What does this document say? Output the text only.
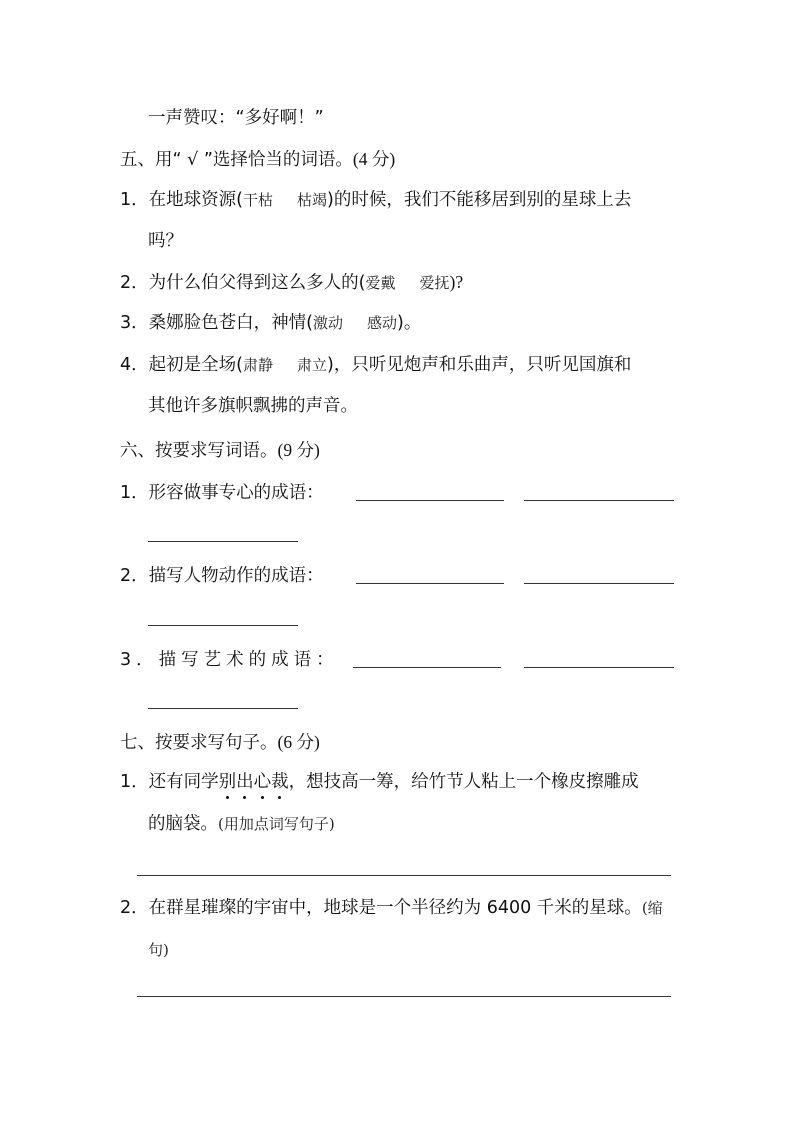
一声赞叹：“多好啊！”
五、用“ √ ”选择恰当的词语。(4 分)
1．在地球资源(干枯 枯竭)的时候，我们不能移居到别的星球上去
吗？
2．为什么伯父得到这么多人的(爱戴 爱抚)?
3．桑娜脸色苍白，神情(激动 感动)。
4．起初是全场(肃静 肃立)，只听见炮声和乐曲声，只听见国旗和
其他许多旗帜飘拂的声音。
六、按要求写词语。(9 分)
1．形容做事专心的成语：
2．描写人物动作的成语：
3．描写艺术的成语：
七、按要求写句子。(6 分)
1．还有同学别出心裁，想技高一筹，给竹节人粘上一个橡皮擦雕成
的脑袋。(用加点词写句子)
2．在群星璀璨的宇宙中，地球是一个半径约为 6400 千米的星球。(缩
句)
